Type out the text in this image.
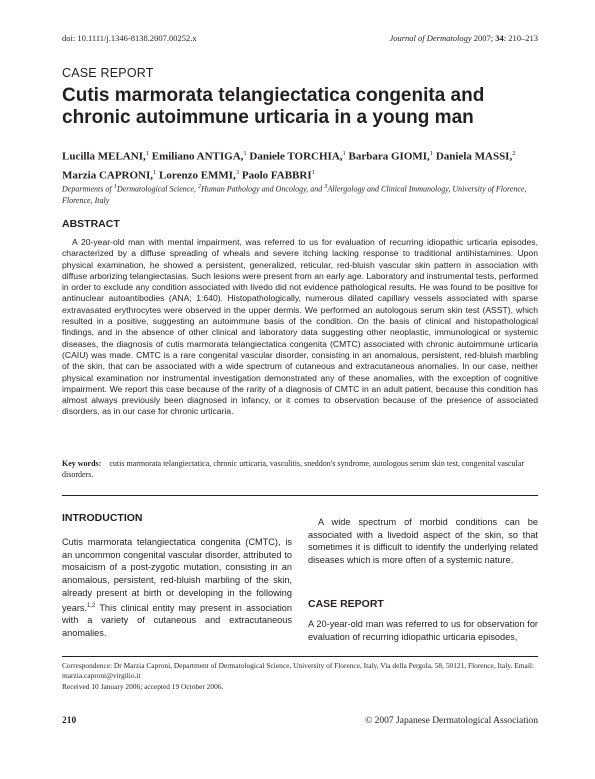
doi: 10.1111/j.1346-8138.2007.00252.x	Journal of Dermatology 2007; 34: 210–213
CASE REPORT
Cutis marmorata telangiectatica congenita and chronic autoimmune urticaria in a young man
Lucilla MELANI,$^1$ Emiliano ANTIGA,$^1$ Daniele TORCHIA,$^1$ Barbara GIOMI,$^1$ Daniela MASSI,$^2$ Marzia CAPRONI,$^1$ Lorenzo EMMI,$^3$ Paolo FABBRI$^1$
Departments of $^1$Dermatological Science, $^2$Human Pathology and Oncology, and $^3$Allergology and Clinical Immunology, University of Florence, Florence, Italy
ABSTRACT
A 20-year-old man with mental impairment, was referred to us for evaluation of recurring idiopathic urticaria episodes, characterized by a diffuse spreading of wheals and severe itching lacking response to traditional antihistamines. Upon physical examination, he showed a persistent, generalized, reticular, red-bluish vascular skin pattern in association with diffuse arborizing telangiectasias. Such lesions were present from an early age. Laboratory and instrumental tests, performed in order to exclude any condition associated with livedo did not evidence pathological results. He was found to be positive for antinuclear autoantibodies (ANA; 1:640). Histopathologically, numerous dilated capillary vessels associated with sparse extravasated erythrocytes were observed in the upper dermis. We performed an autologous serum skin test (ASST), which resulted in a positive, suggesting an autoimmune basis of the condition. On the basis of clinical and histopathological findings, and in the absence of other clinical and laboratory data suggesting other neoplastic, immunological or systemic diseases, the diagnosis of cutis marmorata telangiectatica congenita (CMTC) associated with chronic autoimmune urticaria (CAIU) was made. CMTC is a rare congenital vascular disorder, consisting in an anomalous, persistent, red-bluish marbling of the skin, that can be associated with a wide spectrum of cutaneous and extracutaneous anomalies. In our case, neither physical examination nor instrumental investigation demonstrated any of these anomalies, with the exception of cognitive impairment. We report this case because of the rarity of a diagnosis of CMTC in an adult patient, because this condition has almost always previously been diagnosed in infancy, or it comes to observation because of the presence of associated disorders, as in our case for chronic urticaria.
Key words: cutis marmorata telangiectatica, chronic urticaria, vasculitis, sneddon's syndrome, autologous serum skin test, congenital vascular disorders.
INTRODUCTION
Cutis marmorata telangiectatica congenita (CMTC), is an uncommon congenital vascular disorder, attributed to mosaicism of a post-zygotic mutation, consisting in an anomalous, persistent, red-bluish marbling of the skin, already present at birth or developing in the following years.$^{1,2}$ This clinical entity may present in association with a variety of cutaneous and extracutaneous anomalies.
A wide spectrum of morbid conditions can be associated with a livedoid aspect of the skin, so that sometimes it is difficult to identify the underlying related diseases which is more often of a systemic nature.
CASE REPORT
A 20-year-old man was referred to us for observation for evaluation of recurring idiopathic urticaria episodes,
Correspondence: Dr Marzia Caproni, Department of Dermatological Science, University of Florence, Italy, Via della Pergola, 58, 50121, Florence, Italy. Email: marzia.caproni@virgilio.it
Received 10 January 2006; accepted 19 October 2006.
210	© 2007 Japanese Dermatological Association
